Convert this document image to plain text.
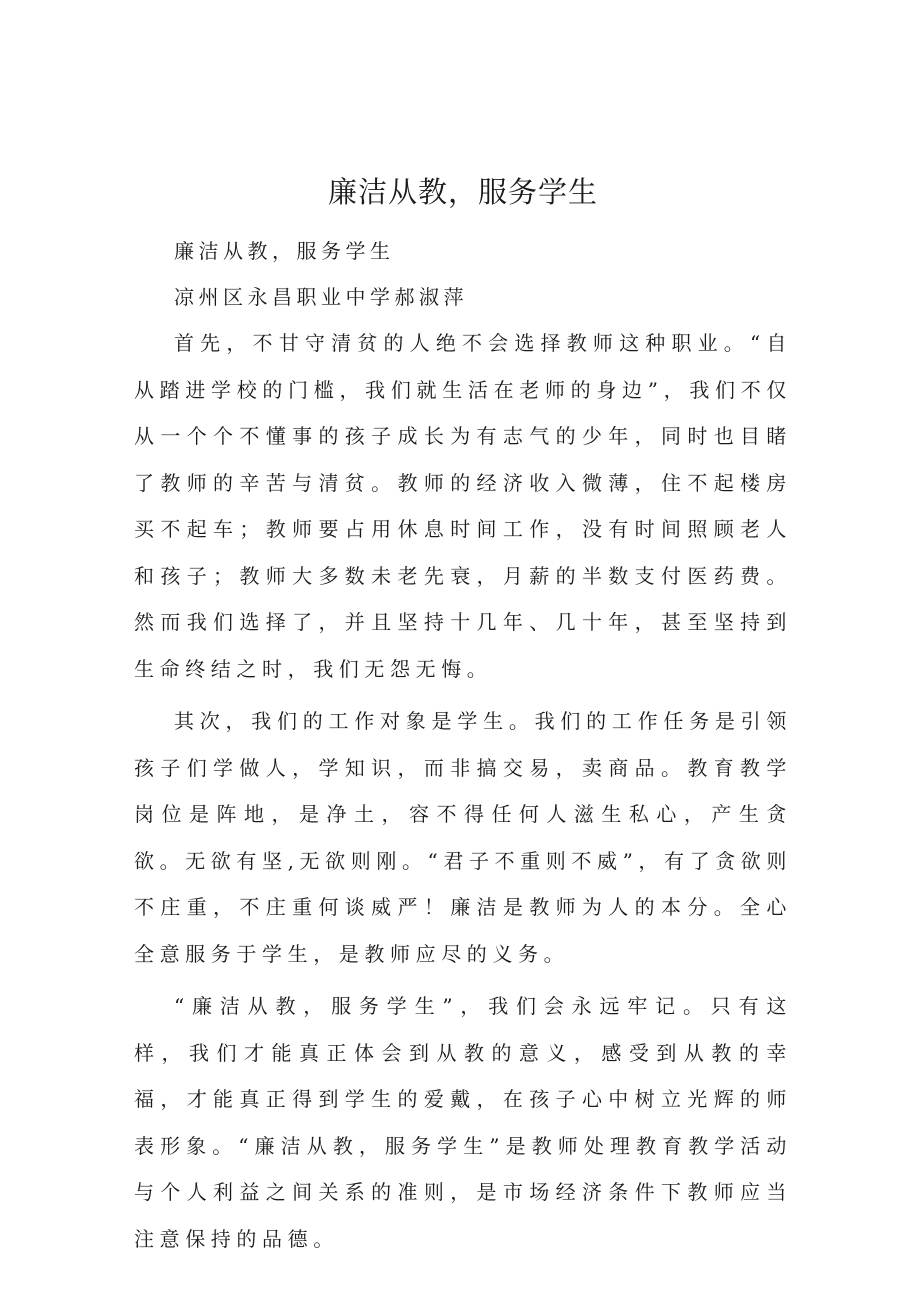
廉洁从教，服务学生

廉洁从教，服务学生

凉州区永昌职业中学郝淑萍

首先，不甘守清贫的人绝不会选择教师这种职业。“自从踏进学校的门槛，我们就生活在老师的身边”，我们不仅从一个个不懂事的孩子成长为有志气的少年，同时也目睹了教师的辛苦与清贫。教师的经济收入微薄，住不起楼房买不起车；教师要占用休息时间工作，没有时间照顾老人和孩子；教师大多数未老先衰，月薪的半数支付医药费。然而我们选择了，并且坚持十几年、几十年，甚至坚持到生命终结之时，我们无怨无悔。

其次，我们的工作对象是学生。我们的工作任务是引领孩子们学做人，学知识，而非搞交易，卖商品。教育教学岗位是阵地，是净土，容不得任何人滋生私心，产生贪欲。无欲有坚,无欲则刚。“君子不重则不威”，有了贪欲则不庄重，不庄重何谈威严！廉洁是教师为人的本分。全心全意服务于学生，是教师应尽的义务。

“廉洁从教，服务学生”，我们会永远牢记。只有这样，我们才能真正体会到从教的意义，感受到从教的幸福，才能真正得到学生的爱戴，在孩子心中树立光辉的师表形象。“廉洁从教，服务学生”是教师处理教育教学活动与个人利益之间关系的准则，是市场经济条件下教师应当注意保持的品德。
